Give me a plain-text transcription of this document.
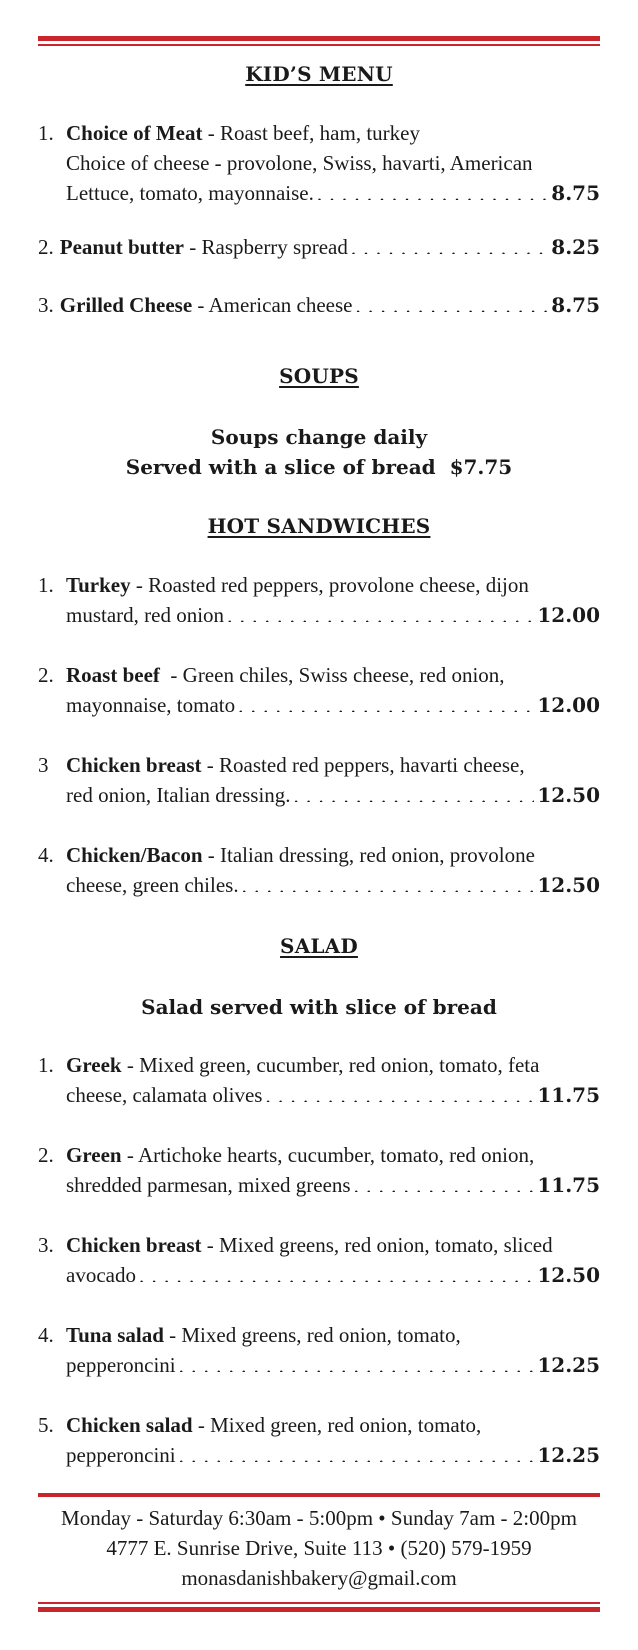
KID’S MENU
1. Choice of Meat - Roast beef, ham, turkey
Choice of cheese - provolone, Swiss, havarti, American
Lettuce, tomato, mayonnaise. . . .	8.75
2. Peanut butter - Raspberry spread . . .	8.25
3. Grilled Cheese - American cheese . . .	8.75
SOUPS
Soups change daily
Served with a slice of bread  $7.75
HOT SANDWICHES
1. Turkey - Roasted red peppers, provolone cheese, dijon
mustard, red onion . . .	12.00
2. Roast beef - Green chiles, Swiss cheese, red onion,
mayonnaise, tomato . . .	12.00
3 Chicken breast - Roasted red peppers, havarti cheese,
red onion, Italian dressing. . . .	12.50
4. Chicken/Bacon - Italian dressing, red onion, provolone
cheese, green chiles. . . .	12.50
SALAD
Salad served with slice of bread
1. Greek - Mixed green, cucumber, red onion, tomato, feta
cheese, calamata olives . . .	11.75
2. Green - Artichoke hearts, cucumber, tomato, red onion,
shredded parmesan, mixed greens . . .	11.75
3. Chicken breast - Mixed greens, red onion, tomato, sliced
avocado . . .	12.50
4. Tuna salad - Mixed greens, red onion, tomato,
pepperoncini . . .	12.25
5. Chicken salad - Mixed green, red onion, tomato,
pepperoncini . . .	12.25
Monday - Saturday 6:30am - 5:00pm • Sunday 7am - 2:00pm
4777 E. Sunrise Drive, Suite 113 • (520) 579-1959
monasdanishbakery@gmail.com
